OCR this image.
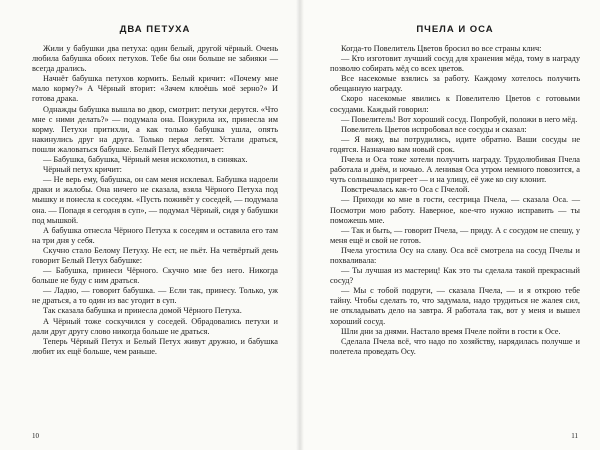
ДВА ПЕТУХА

Жили у бабушки два петуха: один белый, другой чёрный. Очень любила бабушка обоих петухов. Тебе бы они больше не забияки — всегда дрались.

Начнёт бабушка петухов кормить. Белый кричит: «Почему мне мало корму?» А Чёрный вторит: «Зачем клюёшь моё зерно?» И готова драка.

Однажды бабушка вышла во двор, смотрит: петухи дерутся. «Что мне с ними делать?» — подумала она. Пожурила их, принесла им корму. Петухи притихли, а как только бабушка ушла, опять накинулись друг на друга. Только перья летят. Устали драться, пошли жаловаться бабушке. Белый Петух ябедничает:

— Бабушка, бабушка, Чёрный меня исколотил, в синяках.

Чёрный петух кричит:

— Не верь ему, бабушка, он сам меня исклевал. Бабушка надоели драки и жалобы. Она ничего не сказала, взяла Чёрного Петуха под мышку и понесла к соседям. «Пусть поживёт у соседей, — подумала она. — Попадя я сегодня в суп», — подумал Чёрный, сидя у бабушки под мышкой.

А бабушка отнесла Чёрного Петуха к соседям и оставила его там на три дня у себя.

Скучно стало Белому Петуху. Не ест, не пьёт. На четвёртый день говорит Белый Петух бабушке:

— Бабушка, принеси Чёрного. Скучно мне без него. Никогда больше не буду с ним драться.

— Ладно, — говорит бабушка. — Если так, принесу. Только, уж не драться, а то один из вас угодит в суп.

Так сказала бабушка и принесла домой Чёрного Петуха.

А Чёрный тоже соскучился у соседей. Обрадовались петухи и дали друг другу слово никогда больше не драться.

Теперь Чёрный Петух и Белый Петух живут дружно, и бабушка любит их ещё больше, чем раньше.

10
ПЧЕЛА И ОСА

Когда-то Повелитель Цветов бросил во все страны клич:

— Кто изготовит лучший сосуд для хранения мёда, тому в награду позволю собирать мёд со всех цветов.

Все насекомые взялись за работу. Каждому хотелось получить обещанную награду.

Скоро насекомые явились к Повелителю Цветов с готовыми сосудами. Каждый говорил:

— Повелитель! Вот хороший сосуд. Попробуй, положи в него мёд.

Повелитель Цветов испробовал все сосуды и сказал:

— Я вижу, вы потрудились, идите обратно. Ваши сосуды не годятся. Назначаю вам новый срок.

Пчела и Оса тоже хотели получить награду. Трудолюбивая Пчела работала и днём, и ночью. А ленивая Оса утром немного повозится, а чуть солнышко пригреет — и на улицу, её уже ко сну клонит.

Повстречалась как-то Оса с Пчелой.

— Приходи ко мне в гости, сестрица Пчела, — сказала Оса. — Посмотри мою работу. Наверное, кое-что нужно исправить — ты поможешь мне.

— Так и быть, — говорит Пчела, — приду. А с сосудом не спешу, у меня ещё и свой не готов.

Пчела угостила Осу на славу. Оса всё смотрела на сосуд Пчелы и похваливала:

— Ты лучшая из мастериц! Как это ты сделала такой прекрасный сосуд?

— Мы с тобой подруги, — сказала Пчела, — и я открою тебе тайну. Чтобы сделать то, что задумала, надо трудиться не жалея сил, не откладывать дело на завтра. Я работала так, вот у меня и вышел хороший сосуд.

Шли дни за днями. Настало время Пчеле пойти в гости к Осе.

Сделала Пчела всё, что надо по хозяйству, нарядилась получше и полетела проведать Осу.

11
